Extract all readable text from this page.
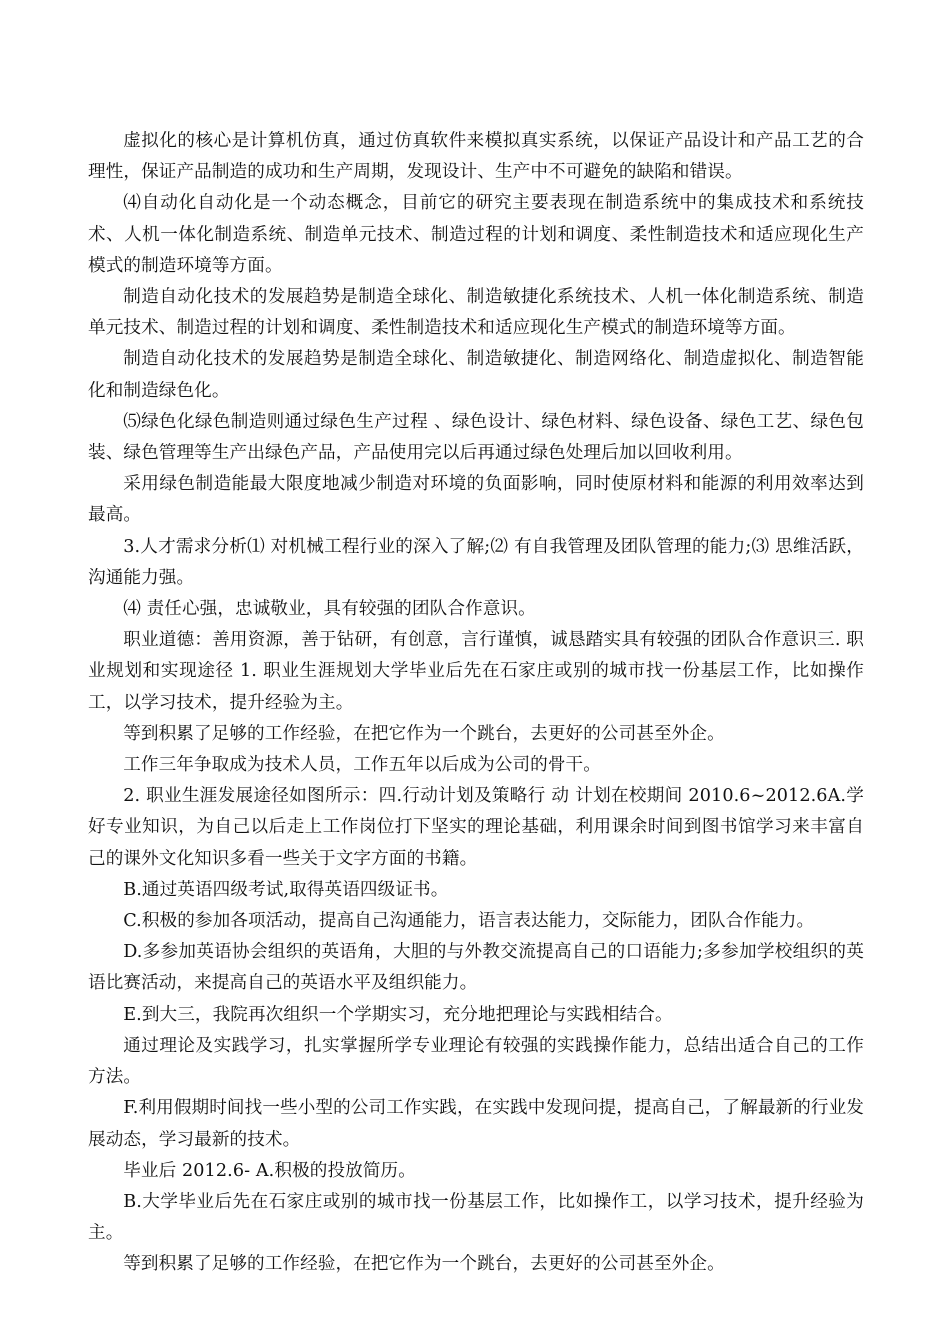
虚拟化的核心是计算机仿真，通过仿真软件来模拟真实系统，以保证产品设计和产品工艺的合理性，保证产品制造的成功和生产周期，发现设计、生产中不可避免的缺陷和错误。

⑷自动化自动化是一个动态概念，目前它的研究主要表现在制造系统中的集成技术和系统技术、人机一体化制造系统、制造单元技术、制造过程的计划和调度、柔性制造技术和适应现化生产模式的制造环境等方面。

制造自动化技术的发展趋势是制造全球化、制造敏捷化系统技术、人机一体化制造系统、制造单元技术、制造过程的计划和调度、柔性制造技术和适应现化生产模式的制造环境等方面。

制造自动化技术的发展趋势是制造全球化、制造敏捷化、制造网络化、制造虚拟化、制造智能化和制造绿色化。

⑸绿色化绿色制造则通过绿色生产过程 、绿色设计、绿色材料、绿色设备、绿色工艺、绿色包装、绿色管理等生产出绿色产品，产品使用完以后再通过绿色处理后加以回收利用。

采用绿色制造能最大限度地减少制造对环境的负面影响，同时使原材料和能源的利用效率达到最高。

3.人才需求分析⑴ 对机械工程行业的深入了解;⑵ 有自我管理及团队管理的能力;⑶ 思维活跃，沟通能力强。

⑷ 责任心强，忠诚敬业，具有较强的团队合作意识。

职业道德：善用资源，善于钻研，有创意，言行谨慎，诚恳踏实具有较强的团队合作意识三. 职业规划和实现途径 1. 职业生涯规划大学毕业后先在石家庄或别的城市找一份基层工作，比如操作工，以学习技术，提升经验为主。

等到积累了足够的工作经验，在把它作为一个跳台，去更好的公司甚至外企。

工作三年争取成为技术人员，工作五年以后成为公司的骨干。

2. 职业生涯发展途径如图所示：四.行动计划及策略行 动 计划在校期间 2010.6~2012.6A.学好专业知识，为自己以后走上工作岗位打下坚实的理论基础，利用课余时间到图书馆学习来丰富自己的课外文化知识多看一些关于文字方面的书籍。

B.通过英语四级考试,取得英语四级证书。

C.积极的参加各项活动，提高自己沟通能力，语言表达能力，交际能力，团队合作能力。

D.多参加英语协会组织的英语角，大胆的与外教交流提高自己的口语能力;多参加学校组织的英语比赛活动，来提高自己的英语水平及组织能力。

E.到大三，我院再次组织一个学期实习，充分地把理论与实践相结合。

通过理论及实践学习，扎实掌握所学专业理论有较强的实践操作能力，总结出适合自己的工作方法。

F.利用假期时间找一些小型的公司工作实践，在实践中发现问提，提高自己，了解最新的行业发展动态，学习最新的技术。

毕业后 2012.6- A.积极的投放简历。

B.大学毕业后先在石家庄或别的城市找一份基层工作，比如操作工，以学习技术，提升经验为主。

等到积累了足够的工作经验，在把它作为一个跳台，去更好的公司甚至外企。
